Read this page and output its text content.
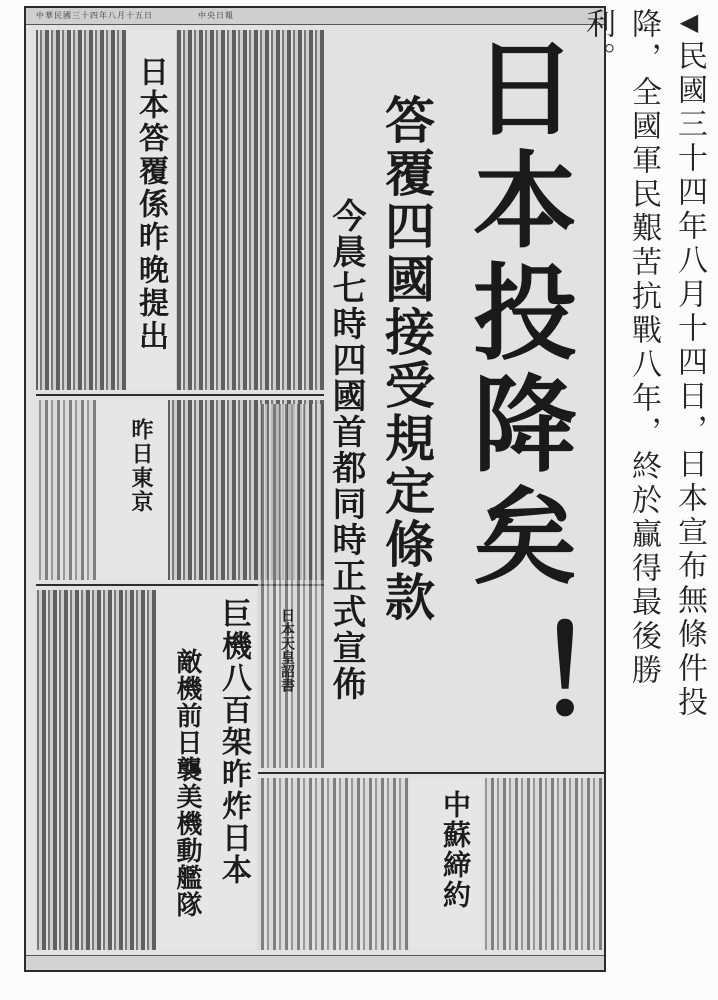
中華民國三十四年八月十五日　　　　　中央日報
日本投降矣
！
答覆四國接受規定條款
今晨七時四國首都同時正式宣佈
日本答覆係昨晚提出
昨日東京
日本天皇詔書
巨機八百架昨炸日本
敵機前日襲美機動艦隊	中蘇締約
◀民國三十四年八月十四日，日本宣布無條件投降，全國軍民艱苦抗戰八年，終於贏得最後勝利。
